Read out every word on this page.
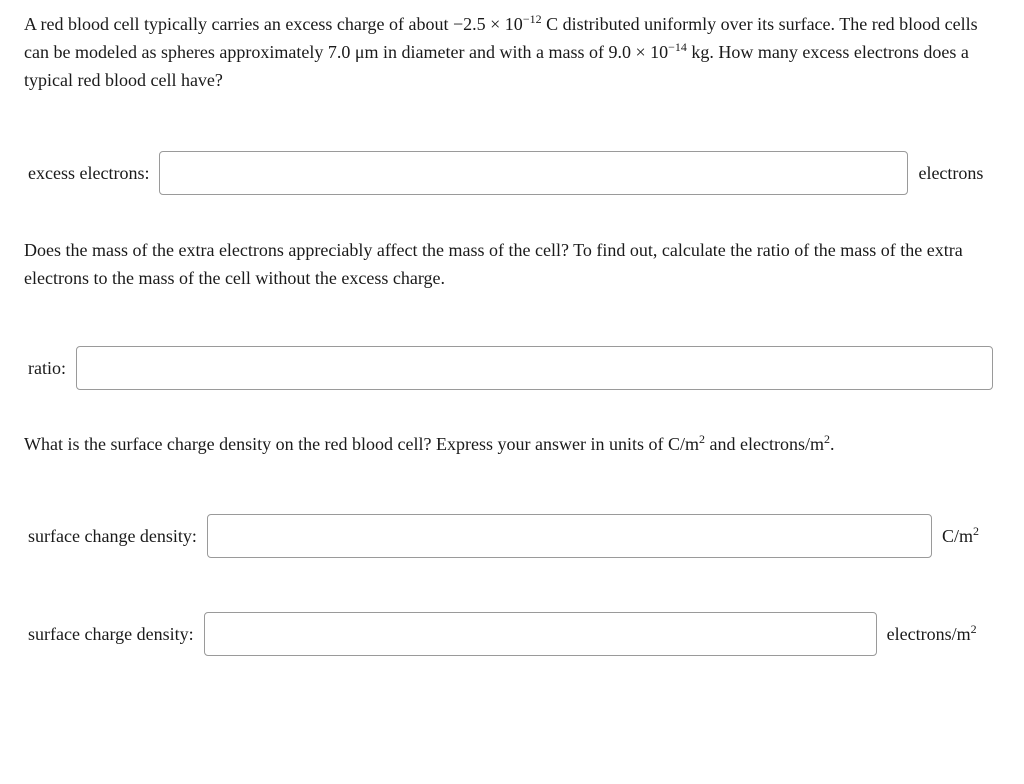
A red blood cell typically carries an excess charge of about $-2.5 \times 10^{-12}$ C distributed uniformly over its surface. The red blood cells can be modeled as spheres approximately 7.0 μm in diameter and with a mass of $9.0 \times 10^{-14}$ kg. How many excess electrons does a typical red blood cell have?

excess electrons:	electrons

Does the mass of the extra electrons appreciably affect the mass of the cell? To find out, calculate the ratio of the mass of the extra electrons to the mass of the cell without the excess charge.

ratio:

What is the surface charge density on the red blood cell? Express your answer in units of $C/m^2$ and electrons/$m^2$.

surface change density:	$C/m^2$
surface charge density:	electrons/$m^2$
